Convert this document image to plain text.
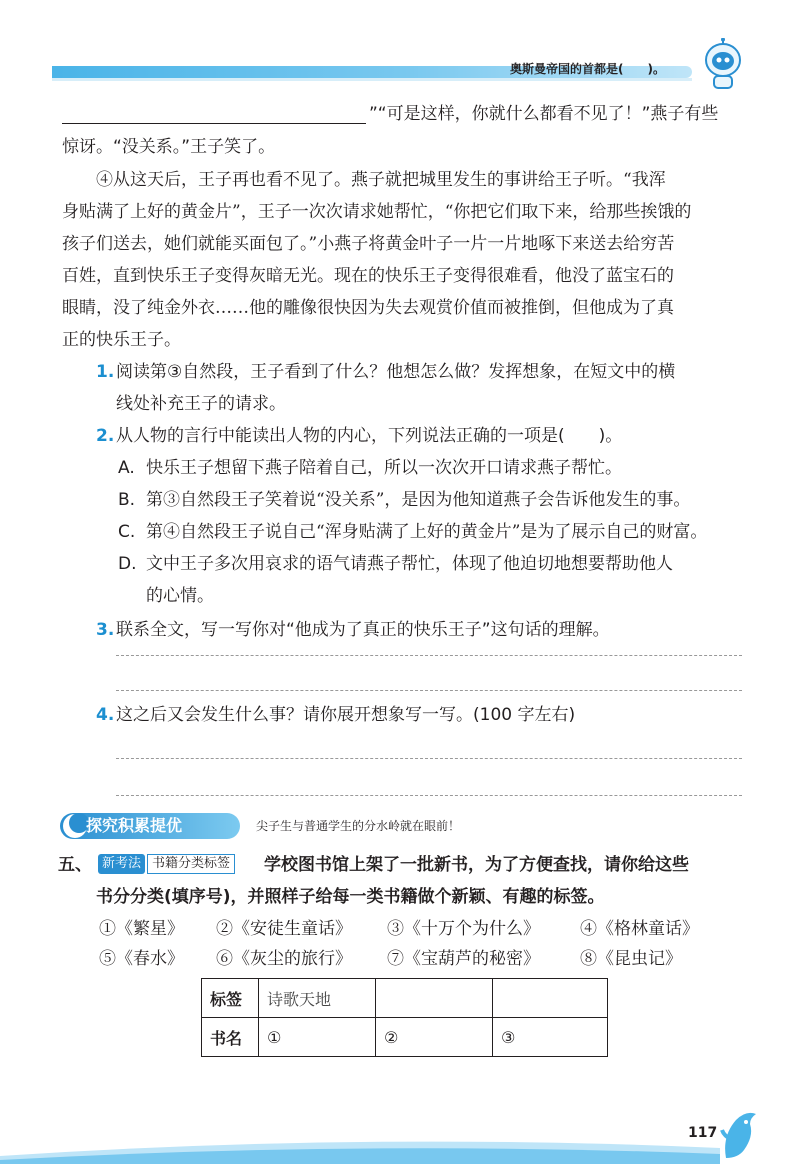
奥斯曼帝国的首都是(　　)。
”“可是这样，你就什么都看不见了！”燕子有些
惊讶。“没关系。”王子笑了。
④从这天后，王子再也看不见了。燕子就把城里发生的事讲给王子听。“我浑
身贴满了上好的黄金片”，王子一次次请求她帮忙，“你把它们取下来，给那些挨饿的
孩子们送去，她们就能买面包了。”小燕子将黄金叶子一片一片地啄下来送去给穷苦
百姓，直到快乐王子变得灰暗无光。现在的快乐王子变得很难看，他没了蓝宝石的
眼睛，没了纯金外衣……他的雕像很快因为失去观赏价值而被推倒，但他成为了真
正的快乐王子。
1. 阅读第③自然段，王子看到了什么？他想怎么做？发挥想象，在短文中的横
线处补充王子的请求。
2. 从人物的言行中能读出人物的内心，下列说法正确的一项是(　　)。
A. 快乐王子想留下燕子陪着自己，所以一次次开口请求燕子帮忙。
B. 第③自然段王子笑着说“没关系”，是因为他知道燕子会告诉他发生的事。
C. 第④自然段王子说自己“浑身贴满了上好的黄金片”是为了展示自己的财富。
D. 文中王子多次用哀求的语气请燕子帮忙，体现了他迫切地想要帮助他人
的心情。
3. 联系全文，写一写你对“他成为了真正的快乐王子”这句话的理解。
4. 这之后又会发生什么事？请你展开想象写一写。(100 字左右)
探究积累提优	尖子生与普通学生的分水岭就在眼前！
五、 新考法 书籍分类标签 学校图书馆上架了一批新书，为了方便查找，请你给这些
书分分类(填序号)，并照样子给每一类书籍做个新颖、有趣的标签。
①《繁星》 ②《安徒生童话》 ③《十万个为什么》 ④《格林童话》
⑤《春水》 ⑥《灰尘的旅行》 ⑦《宝葫芦的秘密》 ⑧《昆虫记》
标签	诗歌天地		
书名	①	②	③
117
